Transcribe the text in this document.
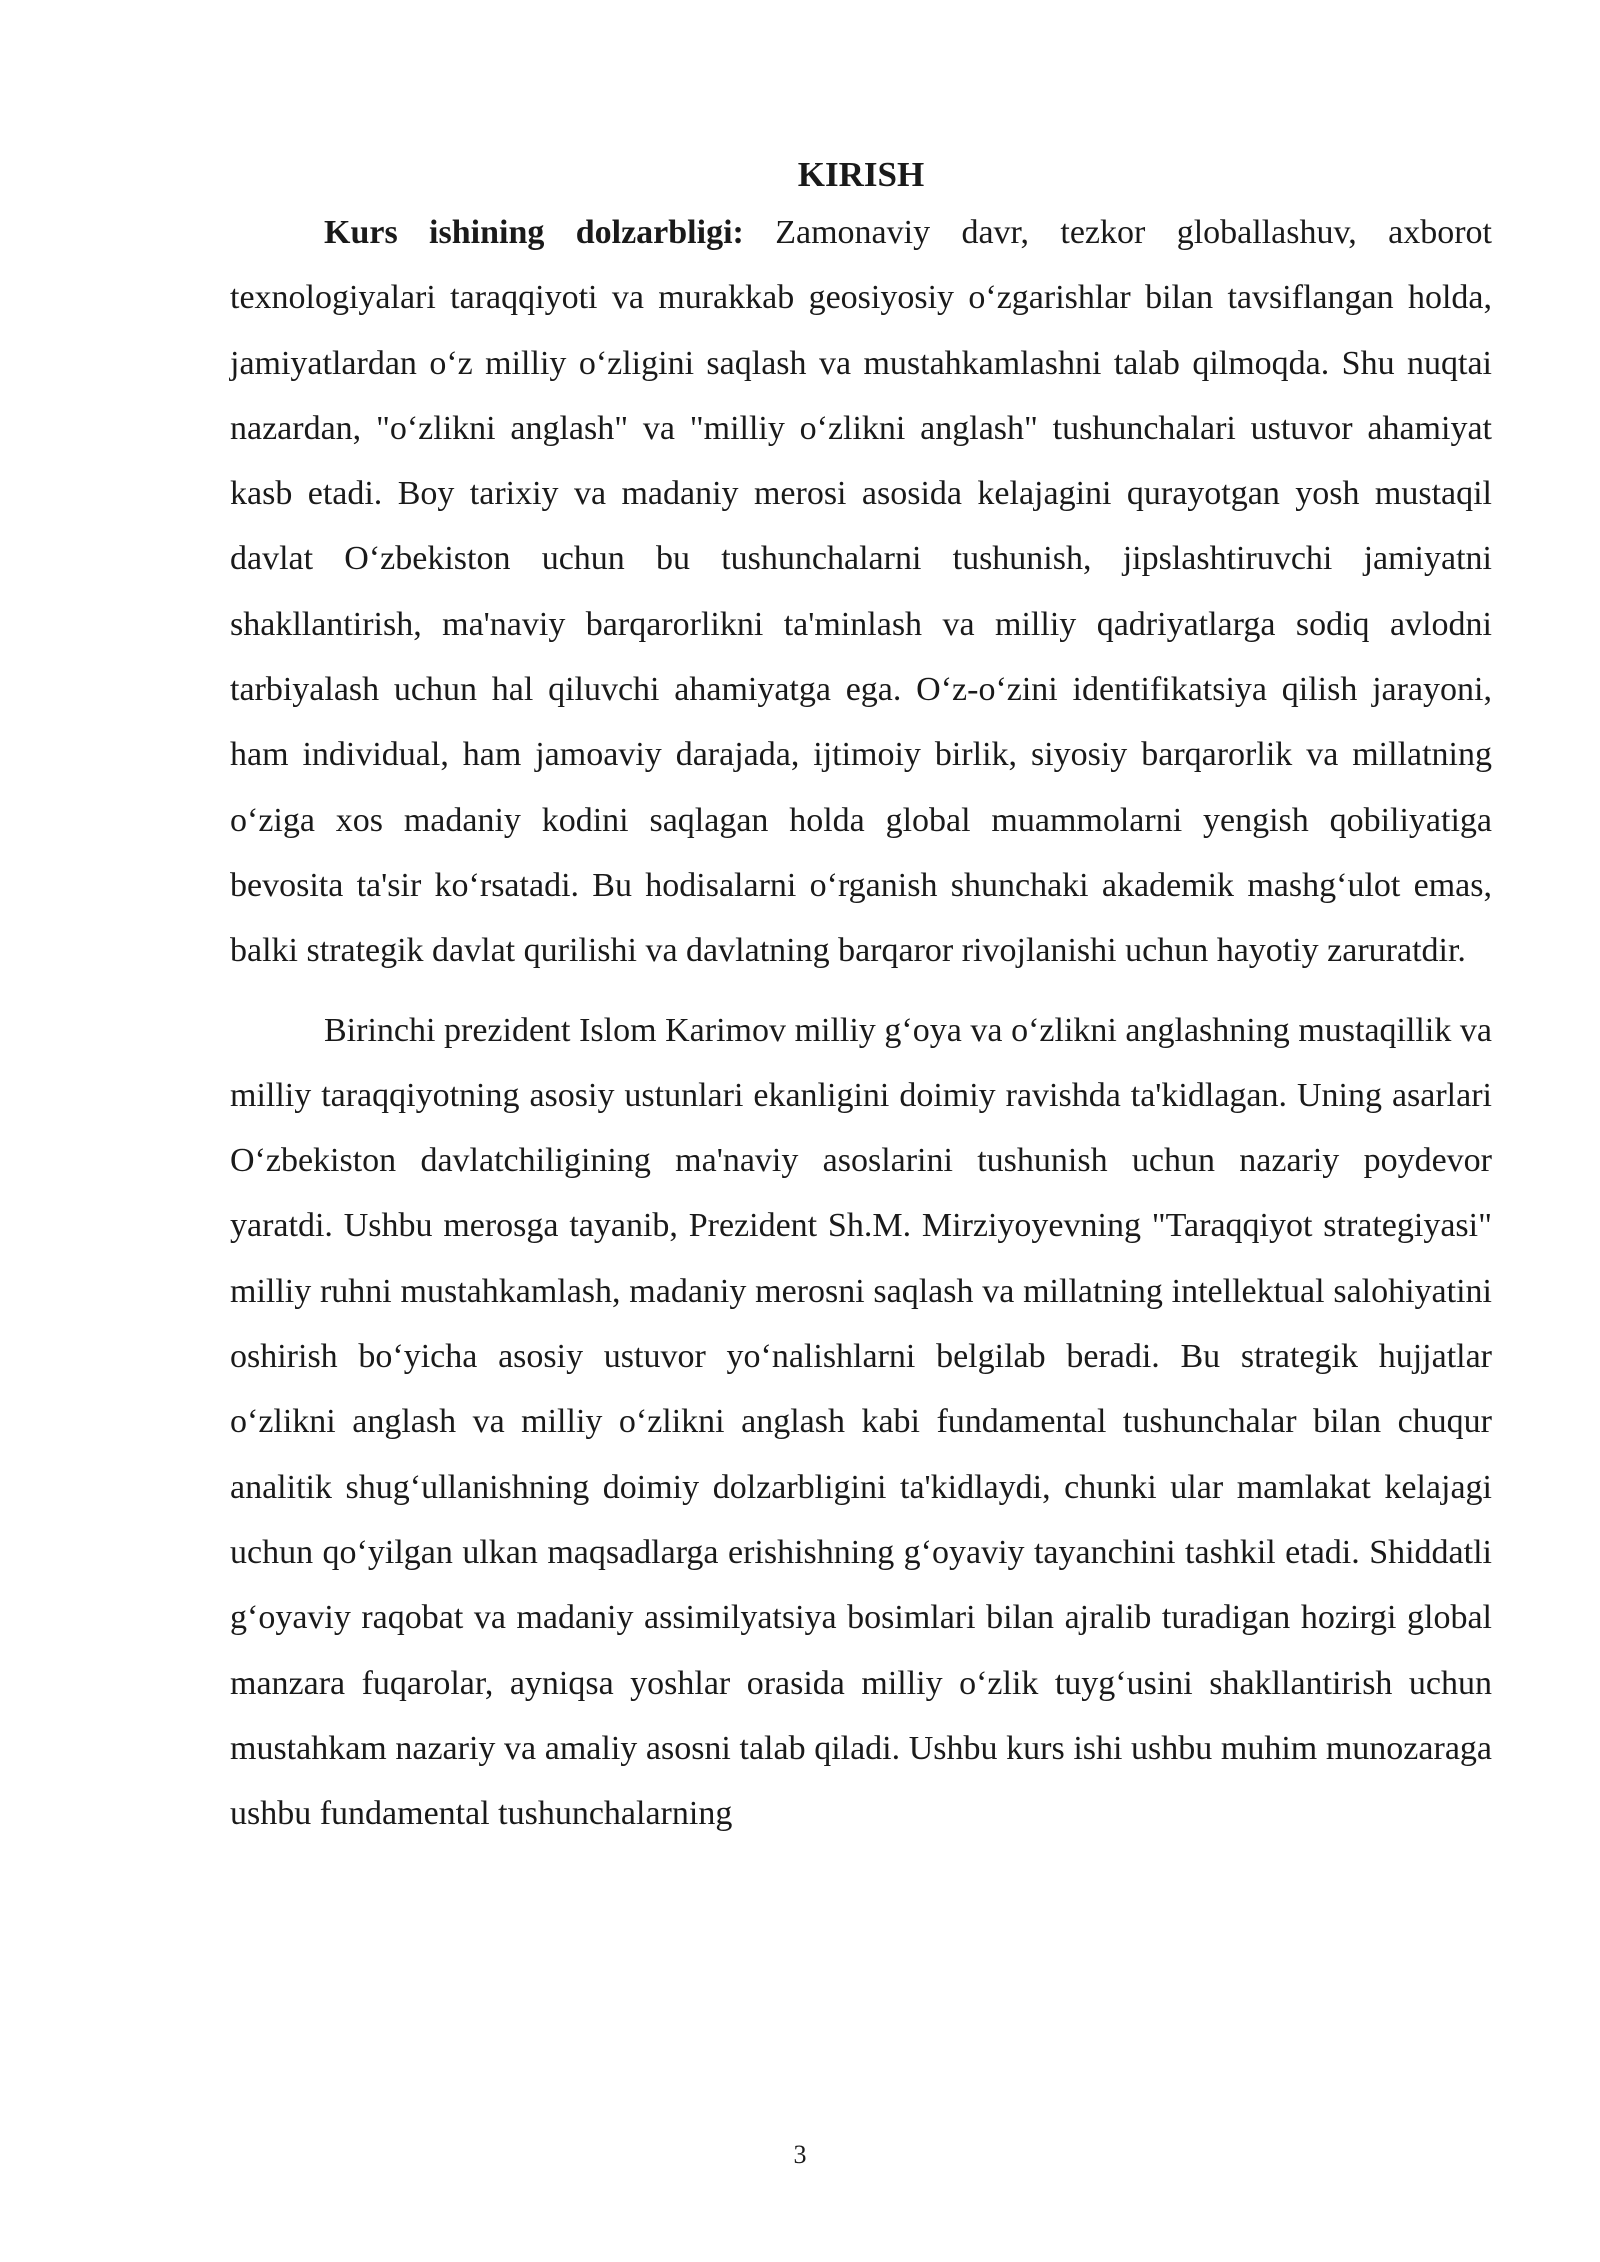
KIRISH

Kurs ishining dolzarbligi: Zamonaviy davr, tezkor globallashuv, axborot texnologiyalari taraqqiyoti va murakkab geosiyosiy o‘zgarishlar bilan tavsiflangan holda, jamiyatlardan o‘z milliy o‘zligini saqlash va mustahkamlashni talab qilmoqda. Shu nuqtai nazardan, "o‘zlikni anglash" va "milliy o‘zlikni anglash" tushunchalari ustuvor ahamiyat kasb etadi. Boy tarixiy va madaniy merosi asosida kelajagini qurayotgan yosh mustaqil davlat O‘zbekiston uchun bu tushunchalarni tushunish, jipslashtiruvchi jamiyatni shakllantirish, ma'naviy barqarorlikni ta'minlash va milliy qadriyatlarga sodiq avlodni tarbiyalash uchun hal qiluvchi ahamiyatga ega. O‘z-o‘zini identifikatsiya qilish jarayoni, ham individual, ham jamoaviy darajada, ijtimoiy birlik, siyosiy barqarorlik va millatning o‘ziga xos madaniy kodini saqlagan holda global muammolarni yengish qobiliyatiga bevosita ta'sir ko‘rsatadi. Bu hodisalarni o‘rganish shunchaki akademik mashg‘ulot emas, balki strategik davlat qurilishi va davlatning barqaror rivojlanishi uchun hayotiy zaruratdir.

Birinchi prezident Islom Karimov milliy g‘oya va o‘zlikni anglashning mustaqillik va milliy taraqqiyotning asosiy ustunlari ekanligini doimiy ravishda ta'kidlagan. Uning asarlari O‘zbekiston davlatchiligining ma'naviy asoslarini tushunish uchun nazariy poydevor yaratdi. Ushbu merosga tayanib, Prezident Sh.M. Mirziyoyevning "Taraqqiyot strategiyasi" milliy ruhni mustahkamlash, madaniy merosni saqlash va millatning intellektual salohiyatini oshirish bo‘yicha asosiy ustuvor yo‘nalishlarni belgilab beradi. Bu strategik hujjatlar o‘zlikni anglash va milliy o‘zlikni anglash kabi fundamental tushunchalar bilan chuqur analitik shug‘ullanishning doimiy dolzarbligini ta'kidlaydi, chunki ular mamlakat kelajagi uchun qo‘yilgan ulkan maqsadlarga erishishning g‘oyaviy tayanchini tashkil etadi. Shiddatli g‘oyaviy raqobat va madaniy assimilyatsiya bosimlari bilan ajralib turadigan hozirgi global manzara fuqarolar, ayniqsa yoshlar orasida milliy o‘zlik tuyg‘usini shakllantirish uchun mustahkam nazariy va amaliy asosni talab qiladi. Ushbu kurs ishi ushbu muhim munozaraga ushbu fundamental tushunchalarning

3
